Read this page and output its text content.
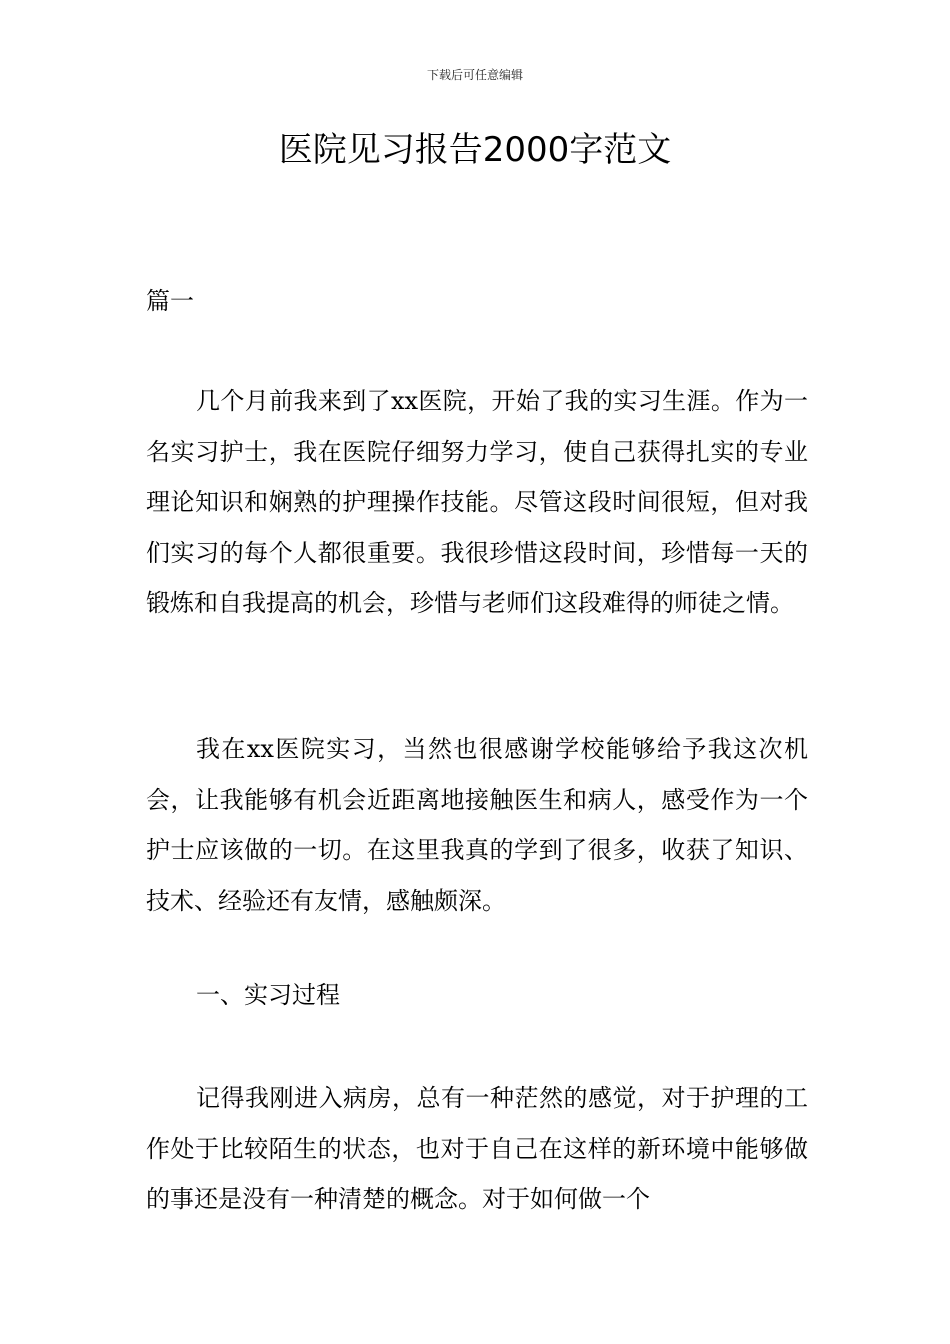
下载后可任意编辑
医院见习报告2000字范文
篇一

几个月前我来到了xx医院，开始了我的实习生涯。作为一名实习护士，我在医院仔细努力学习，使自己获得扎实的专业理论知识和娴熟的护理操作技能。尽管这段时间很短，但对我们实习的每个人都很重要。我很珍惜这段时间，珍惜每一天的锻炼和自我提高的机会，珍惜与老师们这段难得的师徒之情。

我在xx医院实习，当然也很感谢学校能够给予我这次机会，让我能够有机会近距离地接触医生和病人，感受作为一个护士应该做的一切。在这里我真的学到了很多，收获了知识、技术、经验还有友情，感触颇深。

一、实习过程

记得我刚进入病房，总有一种茫然的感觉，对于护理的工作处于比较陌生的状态，也对于自己在这样的新环境中能够做的事还是没有一种清楚的概念。对于如何做一个
